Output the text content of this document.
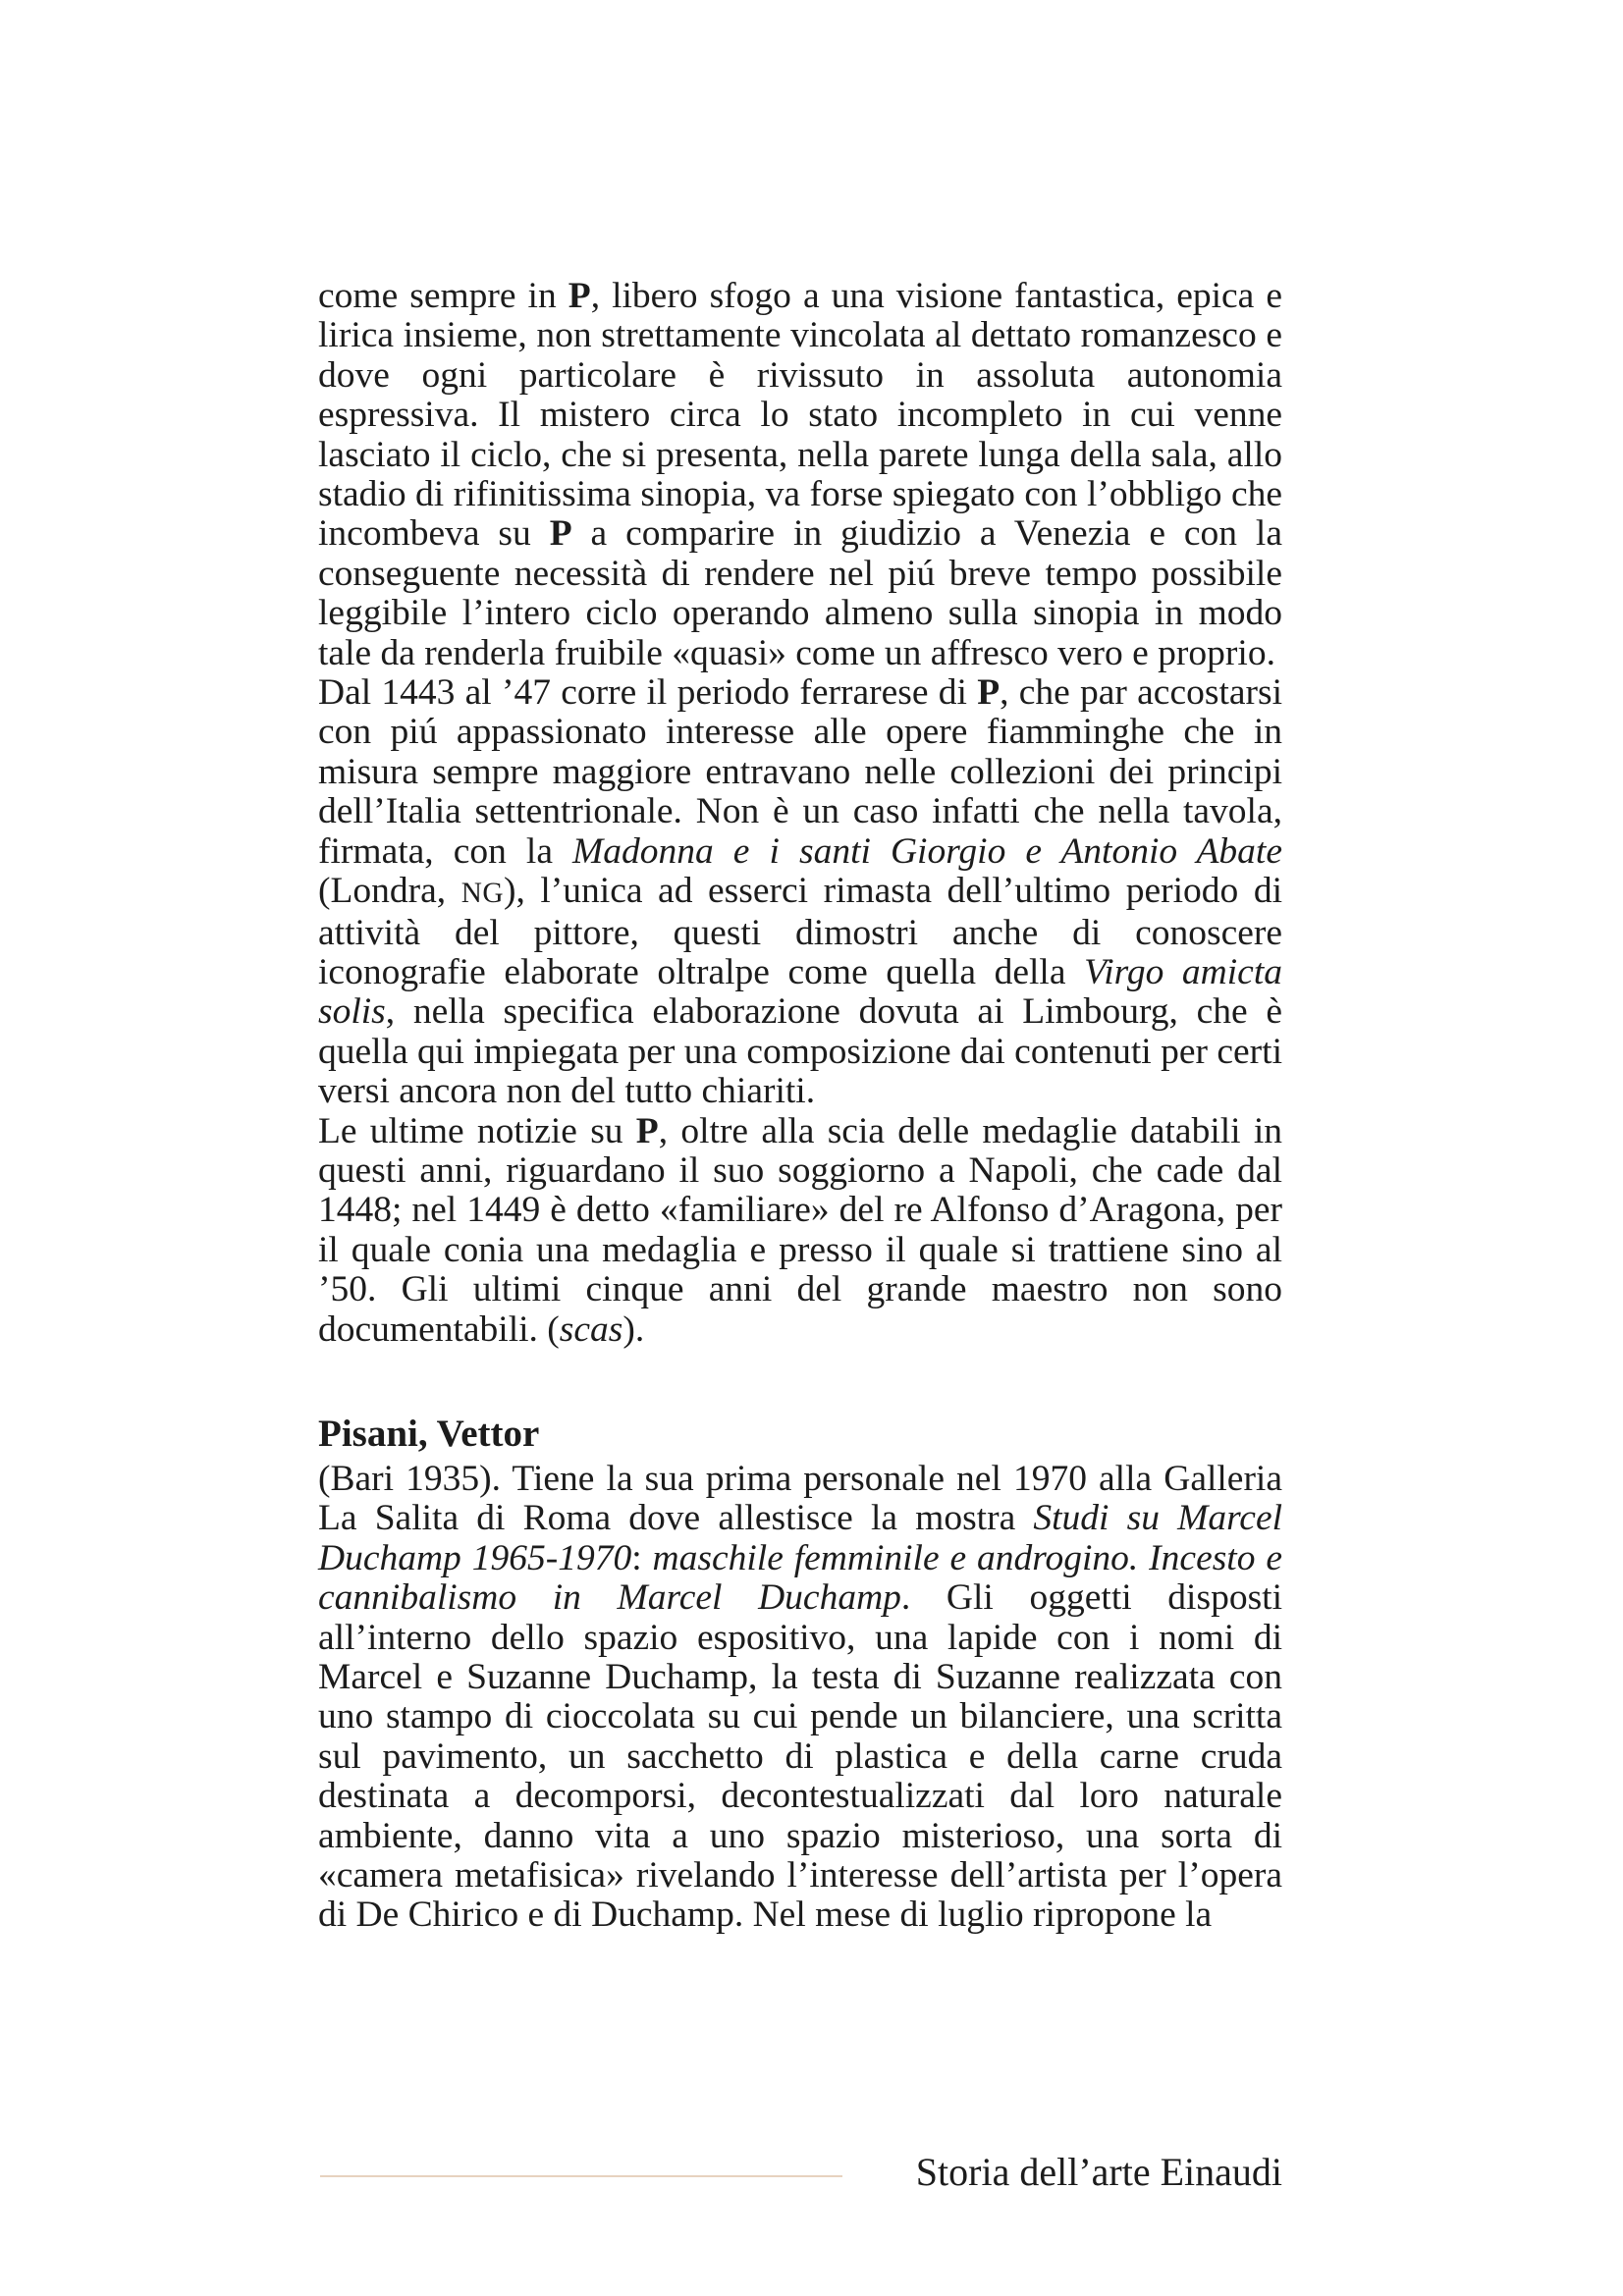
come sempre in P, libero sfogo a una visione fantastica, epica e lirica insieme, non strettamente vincolata al dettato romanzesco e dove ogni particolare è rivissuto in assoluta autonomia espressiva. Il mistero circa lo stato incompleto in cui venne lasciato il ciclo, che si presenta, nella parete lunga della sala, allo stadio di rifinitissima sinopia, va forse spiegato con l’obbligo che incombeva su P a comparire in giudizio a Venezia e con la conseguente necessità di rendere nel piú breve tempo possibile leggibile l’intero ciclo operando almeno sulla sinopia in modo tale da renderla fruibile «quasi» come un affresco vero e proprio.

Dal 1443 al ’47 corre il periodo ferrarese di P, che par accostarsi con piú appassionato interesse alle opere fiamminghe che in misura sempre maggiore entravano nelle collezioni dei principi dell’Italia settentrionale. Non è un caso infatti che nella tavola, firmata, con la Madonna e i santi Giorgio e Antonio Abate (Londra, NG), l’unica ad esserci rimasta dell’ultimo periodo di attività del pittore, questi dimostri anche di conoscere iconografie elaborate oltralpe come quella della Virgo amicta solis, nella specifica elaborazione dovuta ai Limbourg, che è quella qui impiegata per una composizione dai contenuti per certi versi ancora non del tutto chiariti.

Le ultime notizie su P, oltre alla scia delle medaglie databili in questi anni, riguardano il suo soggiorno a Napoli, che cade dal 1448; nel 1449 è detto «familiare» del re Alfonso d’Aragona, per il quale conia una medaglia e presso il quale si trattiene sino al ’50. Gli ultimi cinque anni del grande maestro non sono documentabili. (scas).

Pisani, Vettor

(Bari 1935). Tiene la sua prima personale nel 1970 alla Galleria La Salita di Roma dove allestisce la mostra Studi su Marcel Duchamp 1965-1970: maschile femminile e androgino. Incesto e cannibalismo in Marcel Duchamp. Gli oggetti disposti all’interno dello spazio espositivo, una lapide con i nomi di Marcel e Suzanne Duchamp, la testa di Suzanne realizzata con uno stampo di cioccolata su cui pende un bilanciere, una scritta sul pavimento, un sacchetto di plastica e della carne cruda destinata a decomporsi, decontestualizzati dal loro naturale ambiente, danno vita a uno spazio misterioso, una sorta di «camera metafisica» rivelando l’interesse dell’artista per l’opera di De Chirico e di Duchamp. Nel mese di luglio ripropone la

Storia dell’arte Einaudi
